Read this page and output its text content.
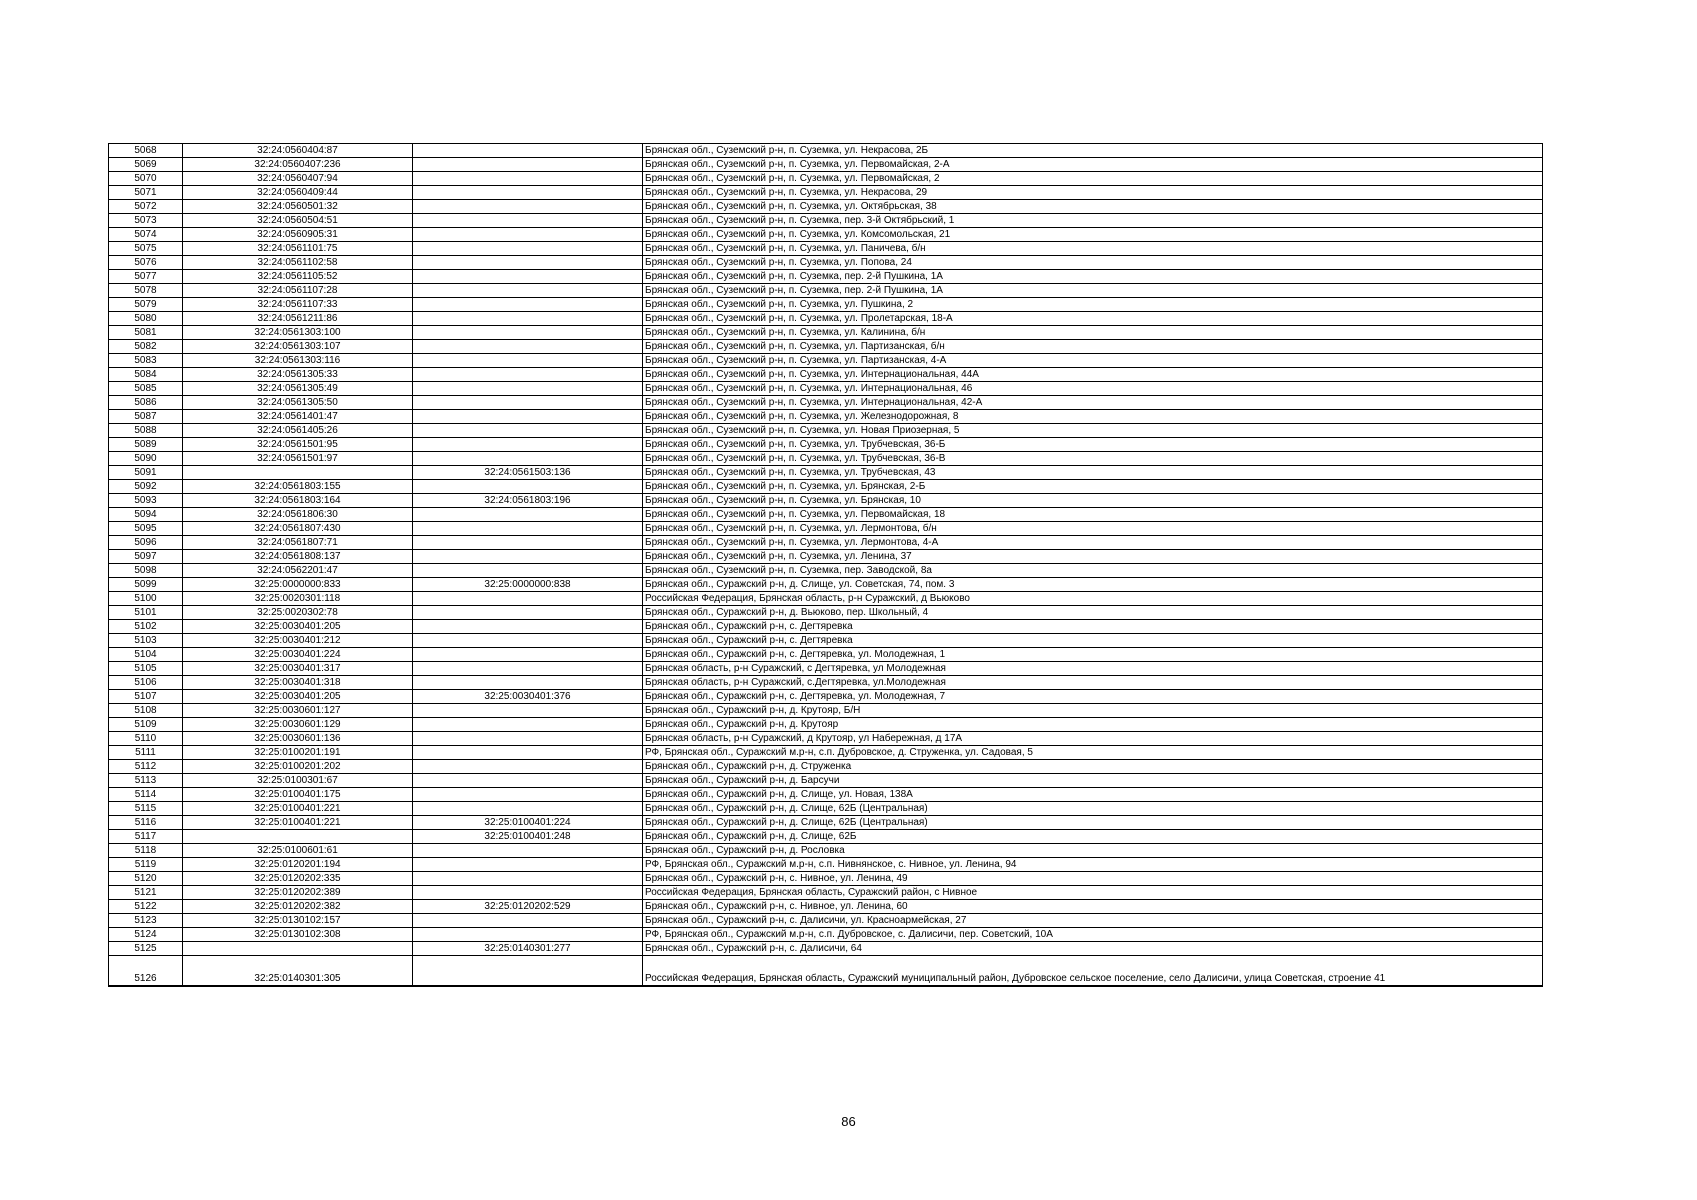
5068	32:24:0560404:87		Брянская обл., Суземский р-н, п. Суземка, ул. Некрасова, 2Б
5069	32:24:0560407:236		Брянская обл., Суземский р-н, п. Суземка, ул. Первомайская, 2-А
5070	32:24:0560407:94		Брянская обл., Суземский р-н, п. Суземка, ул. Первомайская, 2
5071	32:24:0560409:44		Брянская обл., Суземский р-н, п. Суземка, ул. Некрасова, 29
5072	32:24:0560501:32		Брянская обл., Суземский р-н, п. Суземка, ул. Октябрьская, 38
5073	32:24:0560504:51		Брянская обл., Суземский р-н, п. Суземка, пер. 3-й Октябрьский, 1
5074	32:24:0560905:31		Брянская обл., Суземский р-н, п. Суземка, ул. Комсомольская, 21
5075	32:24:0561101:75		Брянская обл., Суземский р-н, п. Суземка, ул. Паничева, б/н
5076	32:24:0561102:58		Брянская обл., Суземский р-н, п. Суземка, ул. Попова, 24
5077	32:24:0561105:52		Брянская обл., Суземский р-н, п. Суземка, пер. 2-й Пушкина, 1А
5078	32:24:0561107:28		Брянская обл., Суземский р-н, п. Суземка, пер. 2-й Пушкина, 1А
5079	32:24:0561107:33		Брянская обл., Суземский р-н, п. Суземка, ул. Пушкина, 2
5080	32:24:0561211:86		Брянская обл., Суземский р-н, п. Суземка, ул. Пролетарская, 18-А
5081	32:24:0561303:100		Брянская обл., Суземский р-н, п. Суземка, ул. Калинина, б/н
5082	32:24:0561303:107		Брянская обл., Суземский р-н, п. Суземка, ул. Партизанская, б/н
5083	32:24:0561303:116		Брянская обл., Суземский р-н, п. Суземка, ул. Партизанская, 4-А
5084	32:24:0561305:33		Брянская обл., Суземский р-н, п. Суземка, ул. Интернациональная, 44А
5085	32:24:0561305:49		Брянская обл., Суземский р-н, п. Суземка, ул. Интернациональная, 46
5086	32:24:0561305:50		Брянская обл., Суземский р-н, п. Суземка, ул. Интернациональная, 42-А
5087	32:24:0561401:47		Брянская обл., Суземский р-н, п. Суземка, ул. Железнодорожная, 8
5088	32:24:0561405:26		Брянская обл., Суземский р-н, п. Суземка, ул. Новая Приозерная, 5
5089	32:24:0561501:95		Брянская обл., Суземский р-н, п. Суземка, ул. Трубчевская, 36-Б
5090	32:24:0561501:97		Брянская обл., Суземский р-н, п. Суземка, ул. Трубчевская, 36-В
5091		32:24:0561503:136	Брянская обл., Суземский р-н, п. Суземка, ул. Трубчевская, 43
5092	32:24:0561803:155		Брянская обл., Суземский р-н, п. Суземка, ул. Брянская, 2-Б
5093	32:24:0561803:164	32:24:0561803:196	Брянская обл., Суземский р-н, п. Суземка, ул. Брянская, 10
5094	32:24:0561806:30		Брянская обл., Суземский р-н, п. Суземка, ул. Первомайская, 18
5095	32:24:0561807:430		Брянская обл., Суземский р-н, п. Суземка, ул. Лермонтова, б/н
5096	32:24:0561807:71		Брянская обл., Суземский р-н, п. Суземка, ул. Лермонтова, 4-А
5097	32:24:0561808:137		Брянская обл., Суземский р-н, п. Суземка, ул. Ленина, 37
5098	32:24:0562201:47		Брянская обл., Суземский р-н, п. Суземка, пер. Заводской, 8а
5099	32:25:0000000:833	32:25:0000000:838	Брянская обл., Суражский р-н, д. Слище, ул. Советская, 74, пом. 3
5100	32:25:0020301:118		Российская Федерация, Брянская область, р-н Суражский, д Вьюково
5101	32:25:0020302:78		Брянская обл., Суражский р-н, д. Вьюково, пер. Школьный, 4
5102	32:25:0030401:205		Брянская обл., Суражский р-н, с. Дегтяревка
5103	32:25:0030401:212		Брянская обл., Суражский р-н, с. Дегтяревка
5104	32:25:0030401:224		Брянская обл., Суражский р-н, с. Дегтяревка, ул. Молодежная, 1
5105	32:25:0030401:317		Брянская область, р-н Суражский, с Дегтяревка, ул Молодежная
5106	32:25:0030401:318		Брянская область, р-н Суражский, с.Дегтяревка, ул.Молодежная
5107	32:25:0030401:205	32:25:0030401:376	Брянская обл., Суражский р-н, с. Дегтяревка, ул. Молодежная, 7
5108	32:25:0030601:127		Брянская обл., Суражский р-н, д. Крутояр, Б/Н
5109	32:25:0030601:129		Брянская обл., Суражский р-н, д. Крутояр
5110	32:25:0030601:136		Брянская область, р-н Суражский, д Крутояр, ул Набережная, д 17А
5111	32:25:0100201:191		РФ, Брянская обл., Суражский м.р-н, с.п. Дубровское, д. Струженка, ул. Садовая, 5
5112	32:25:0100201:202		Брянская обл., Суражский р-н, д. Струженка
5113	32:25:0100301:67		Брянская обл., Суражский р-н, д. Барсучи
5114	32:25:0100401:175		Брянская обл., Суражский р-н, д. Слище, ул. Новая, 138А
5115	32:25:0100401:221		Брянская обл., Суражский р-н, д. Слище, 62Б (Центральная)
5116	32:25:0100401:221	32:25:0100401:224	Брянская обл., Суражский р-н, д. Слище, 62Б (Центральная)
5117		32:25:0100401:248	Брянская обл., Суражский р-н, д. Слище, 62Б
5118	32:25:0100601:61		Брянская обл., Суражский р-н, д. Рословка
5119	32:25:0120201:194		РФ, Брянская обл., Суражский м.р-н, с.п. Нивнянское, с. Нивное, ул. Ленина, 94
5120	32:25:0120202:335		Брянская обл., Суражский р-н, с. Нивное, ул. Ленина, 49
5121	32:25:0120202:389		Российская Федерация, Брянская область, Суражский район, с Нивное
5122	32:25:0120202:382	32:25:0120202:529	Брянская обл., Суражский р-н, с. Нивное, ул. Ленина, 60
5123	32:25:0130102:157		Брянская обл., Суражский р-н, с. Далисичи, ул. Красноармейская, 27
5124	32:25:0130102:308		РФ, Брянская обл., Суражский м.р-н, с.п. Дубровское, с. Далисичи, пер. Советский, 10А
5125		32:25:0140301:277	Брянская обл., Суражский р-н, с. Далисичи, 64
5126	32:25:0140301:305		Российская Федерация, Брянская область, Суражский муниципальный район, Дубровское сельское поселение, село Далисичи, улица Советская, строение 41
86
